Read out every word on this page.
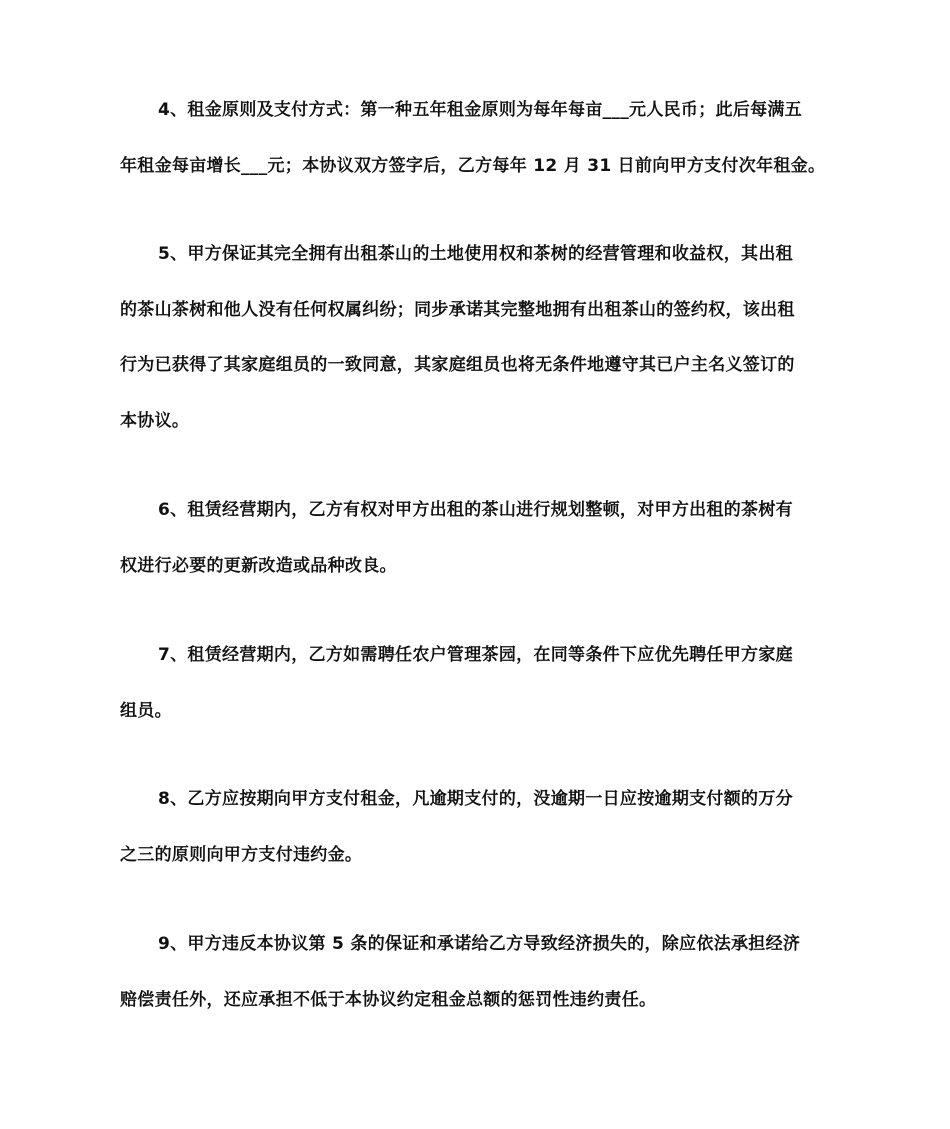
4、租金原则及支付方式：第一种五年租金原则为每年每亩___元人民币；此后每满五
年租金每亩增长___元；本协议双方签字后，乙方每年 12 月 31 日前向甲方支付次年租金。
5、甲方保证其完全拥有出租茶山的土地使用权和茶树的经营管理和收益权，其出租
的茶山茶树和他人没有任何权属纠纷；同步承诺其完整地拥有出租茶山的签约权，该出租
行为已获得了其家庭组员的一致同意，其家庭组员也将无条件地遵守其已户主名义签订的
本协议。
6、租赁经营期内，乙方有权对甲方出租的茶山进行规划整顿，对甲方出租的茶树有
权进行必要的更新改造或品种改良。
7、租赁经营期内，乙方如需聘任农户管理茶园，在同等条件下应优先聘任甲方家庭
组员。
8、乙方应按期向甲方支付租金，凡逾期支付的，没逾期一日应按逾期支付额的万分
之三的原则向甲方支付违约金。
9、甲方违反本协议第 5 条的保证和承诺给乙方导致经济损失的，除应依法承担经济
赔偿责任外，还应承担不低于本协议约定租金总额的惩罚性违约责任。
